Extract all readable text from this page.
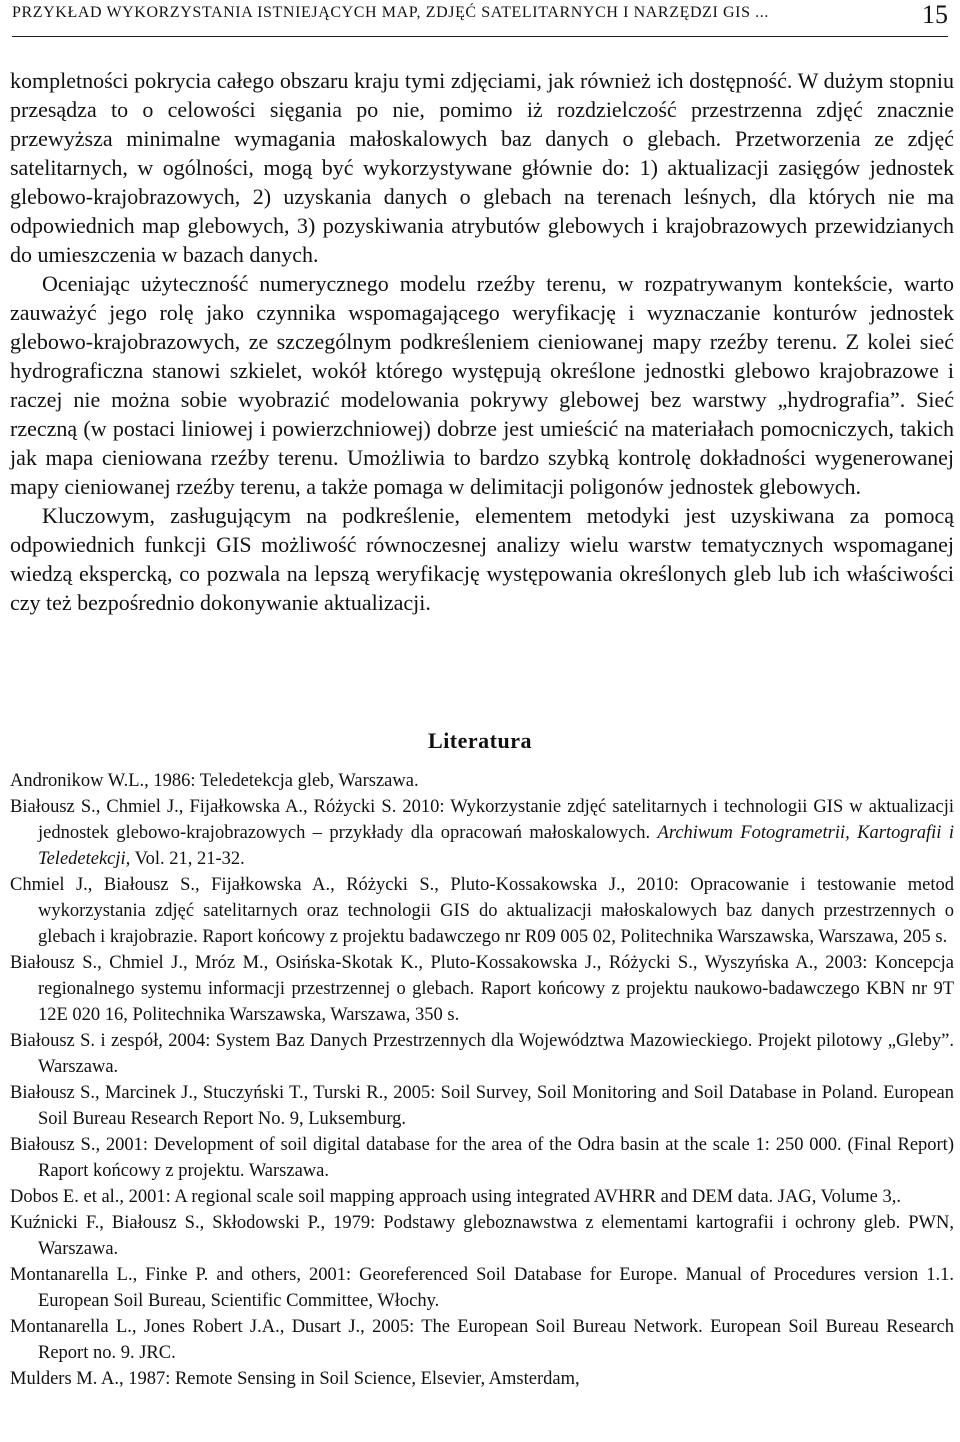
PRZYKŁAD WYKORZYSTANIA ISTNIEJĄCYCH MAP, ZDJĘĆ SATELITARNYCH I NARZĘDZI GIS ...	15

kompletności pokrycia całego obszaru kraju tymi zdjęciami, jak również ich dostępność. W dużym stopniu przesądza to o celowości sięgania po nie, pomimo iż rozdzielczość przestrzenna zdjęć znacznie przewyższa minimalne wymagania małoskalowych baz danych o glebach. Przetworzenia ze zdjęć satelitarnych, w ogólności, mogą być wykorzystywane głównie do: 1) aktualizacji zasięgów jednostek glebowo-krajobrazowych, 2) uzyskania danych o glebach na terenach leśnych, dla których nie ma odpowiednich map glebowych, 3) pozyskiwania atrybutów glebowych i krajobrazowych przewidzianych do umieszczenia w bazach danych.

Oceniając użyteczność numerycznego modelu rzeźby terenu, w rozpatrywanym kontekście, warto zauważyć jego rolę jako czynnika wspomagającego weryfikację i wyznaczanie konturów jednostek glebowo-krajobrazowych, ze szczególnym podkreśleniem cieniowanej mapy rzeźby terenu. Z kolei sieć hydrograficzna stanowi szkielet, wokół którego występują określone jednostki glebowo krajobrazowe i raczej nie można sobie wyobrazić modelowania pokrywy glebowej bez warstwy „hydrografia”. Sieć rzeczną (w postaci liniowej i powierzchniowej) dobrze jest umieścić na materiałach pomocniczych, takich jak mapa cieniowana rzeźby terenu. Umożliwia to bardzo szybką kontrolę dokładności wygenerowanej mapy cieniowanej rzeźby terenu, a także pomaga w delimitacji poligonów jednostek glebowych.

Kluczowym, zasługującym na podkreślenie, elementem metodyki jest uzyskiwana za pomocą odpowiednich funkcji GIS możliwość równoczesnej analizy wielu warstw tematycznych wspomaganej wiedzą ekspercką, co pozwala na lepszą weryfikację występowania określonych gleb lub ich właściwości czy też bezpośrednio dokonywanie aktualizacji.

Literatura

Andronikow W.L., 1986: Teledetekcja gleb, Warszawa.

Białousz S., Chmiel J., Fijałkowska A., Różycki S. 2010: Wykorzystanie zdjęć satelitarnych i technologii GIS w aktualizacji jednostek glebowo-krajobrazowych – przykłady dla opracowań małoskalowych. Archiwum Fotogrametrii, Kartografii i Teledetekcji, Vol. 21, 21-32.

Chmiel J., Białousz S., Fijałkowska A., Różycki S., Pluto-Kossakowska J., 2010: Opracowanie i testowanie metod wykorzystania zdjęć satelitarnych oraz technologii GIS do aktualizacji małoskalowych baz danych przestrzennych o glebach i krajobrazie. Raport końcowy z projektu badawczego nr R09 005 02, Politechnika Warszawska, Warszawa, 205 s.

Białousz S., Chmiel J., Mróz M., Osińska-Skotak K., Pluto-Kossakowska J., Różycki S., Wyszyńska A., 2003: Koncepcja regionalnego systemu informacji przestrzennej o glebach. Raport końcowy z projektu naukowo-badawczego KBN nr 9T 12E 020 16, Politechnika Warszawska, Warszawa, 350 s.

Białousz S. i zespół, 2004: System Baz Danych Przestrzennych dla Województwa Mazowieckiego. Projekt pilotowy „Gleby”. Warszawa.

Białousz S., Marcinek J., Stuczyński T., Turski R., 2005: Soil Survey, Soil Monitoring and Soil Database in Poland. European Soil Bureau Research Report No. 9, Luksemburg.

Białousz S., 2001: Development of soil digital database for the area of the Odra basin at the scale 1: 250 000. (Final Report) Raport końcowy z projektu. Warszawa.

Dobos E. et al., 2001: A regional scale soil mapping approach using integrated AVHRR and DEM data. JAG, Volume 3,.

Kuźnicki F., Białousz S., Skłodowski P., 1979: Podstawy gleboznawstwa z elementami kartografii i ochrony gleb. PWN, Warszawa.

Montanarella L., Finke P. and others, 2001: Georeferenced Soil Database for Europe. Manual of Procedures version 1.1. European Soil Bureau, Scientific Committee, Włochy.

Montanarella L., Jones Robert J.A., Dusart J., 2005: The European Soil Bureau Network. European Soil Bureau Research Report no. 9. JRC.

Mulders M. A., 1987: Remote Sensing in Soil Science, Elsevier, Amsterdam,
